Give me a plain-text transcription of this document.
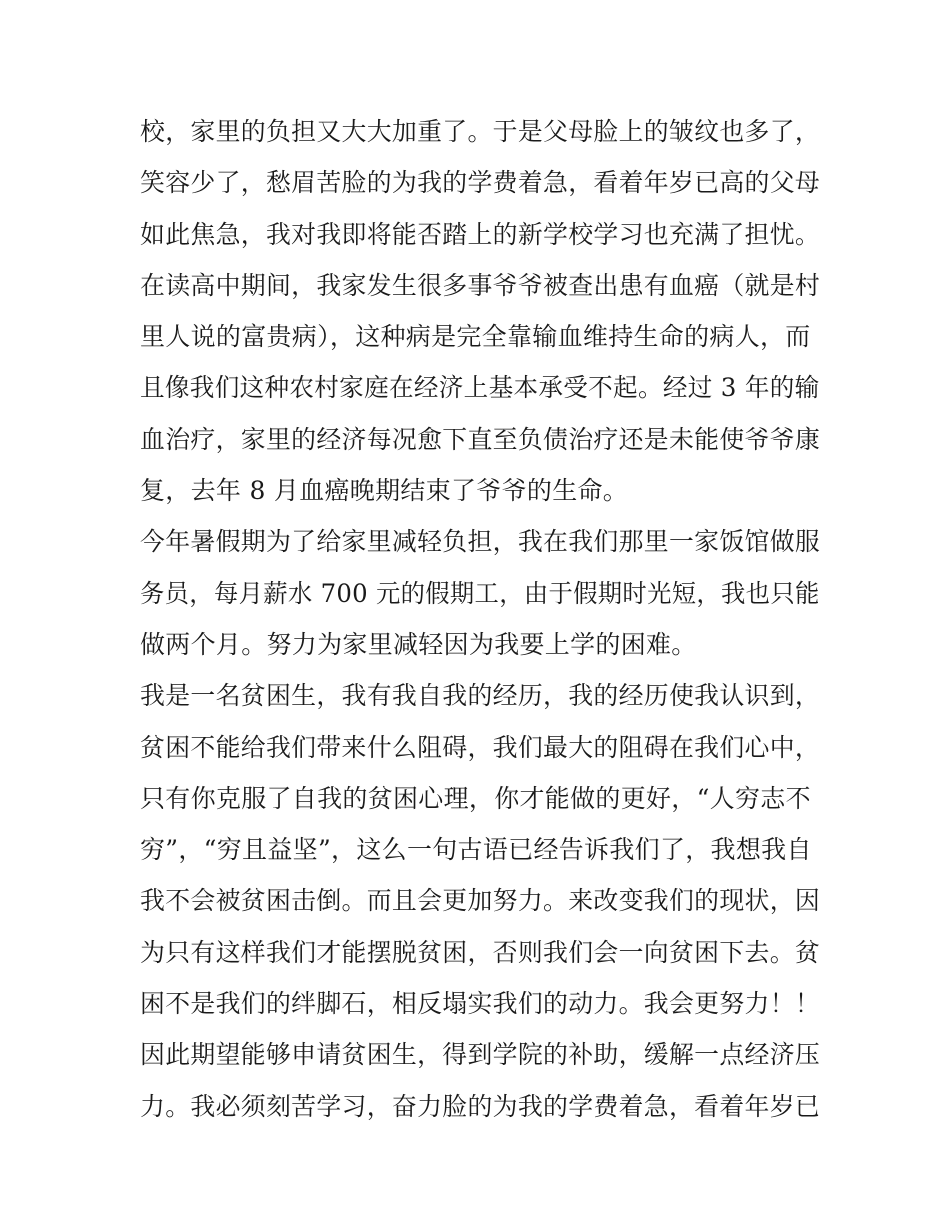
校，家里的负担又大大加重了。于是父母脸上的皱纹也多了，
笑容少了，愁眉苦脸的为我的学费着急，看着年岁已高的父母
如此焦急，我对我即将能否踏上的新学校学习也充满了担忧。
在读高中期间，我家发生很多事爷爷被查出患有血癌（就是村
里人说的富贵病），这种病是完全靠输血维持生命的病人，而
且像我们这种农村家庭在经济上基本承受不起。经过 3 年的输
血治疗，家里的经济每况愈下直至负债治疗还是未能使爷爷康
复，去年 8 月血癌晚期结束了爷爷的生命。
今年暑假期为了给家里减轻负担，我在我们那里一家饭馆做服
务员，每月薪水 700 元的假期工，由于假期时光短，我也只能
做两个月。努力为家里减轻因为我要上学的困难。
我是一名贫困生，我有我自我的经历，我的经历使我认识到，
贫困不能给我们带来什么阻碍，我们最大的阻碍在我们心中，
只有你克服了自我的贫困心理，你才能做的更好，“人穷志不
穷”，“穷且益坚”，这么一句古语已经告诉我们了，我想我自
我不会被贫困击倒。而且会更加努力。来改变我们的现状，因
为只有这样我们才能摆脱贫困，否则我们会一向贫困下去。贫
困不是我们的绊脚石，相反塌实我们的动力。我会更努力！！
因此期望能够申请贫困生，得到学院的补助，缓解一点经济压
力。我必须刻苦学习，奋力脸的为我的学费着急，看着年岁已
